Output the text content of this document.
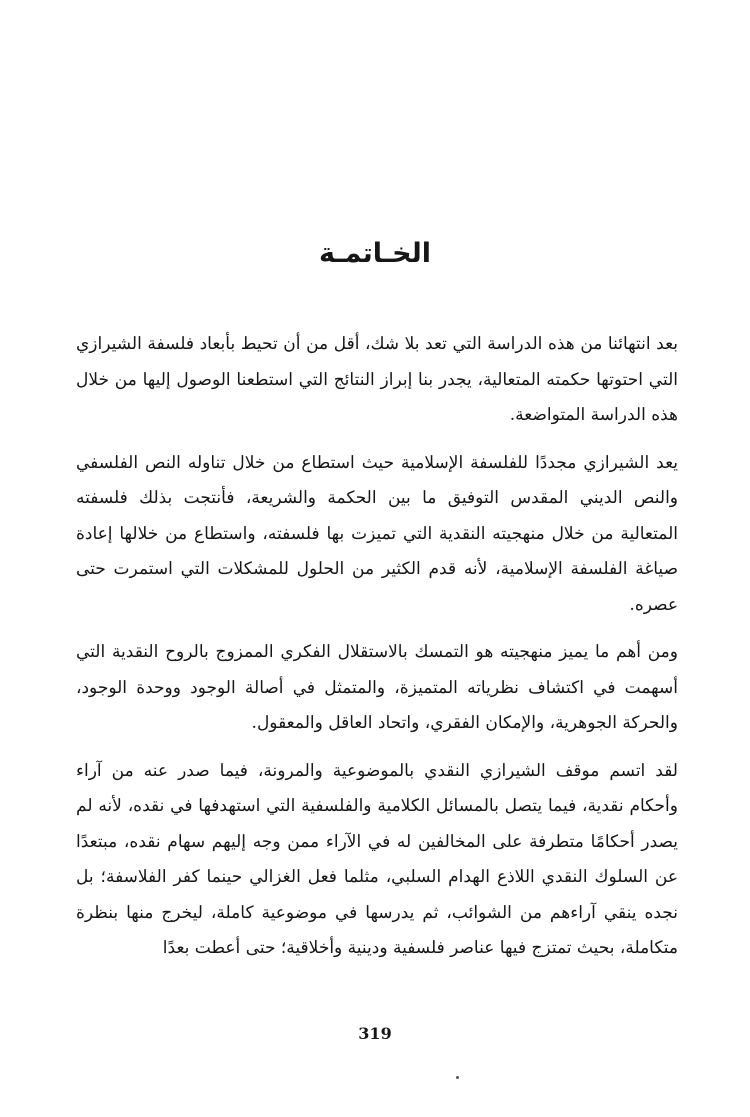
الخـاتمـة

بعد انتهائنا من هذه الدراسة التي تعد بلا شك، أقل من أن تحيط بأبعاد فلسفة الشيرازي التي احتوتها حكمته المتعالية، يجدر بنا إبراز النتائج التي استطعنا الوصول إليها من خلال هذه الدراسة المتواضعة.

يعد الشيرازي مجددًا للفلسفة الإسلامية حيث استطاع من خلال تناوله النص الفلسفي والنص الديني المقدس التوفيق ما بين الحكمة والشريعة، فأنتجت بذلك فلسفته المتعالية من خلال منهجيته النقدية التي تميزت بها فلسفته، واستطاع من خلالها إعادة صياغة الفلسفة الإسلامية، لأنه قدم الكثير من الحلول للمشكلات التي استمرت حتى عصره.

ومن أهم ما يميز منهجيته هو التمسك بالاستقلال الفكري الممزوج بالروح النقدية التي أسهمت في اكتشاف نظرياته المتميزة، والمتمثل في أصالة الوجود ووحدة الوجود، والحركة الجوهرية، والإمكان الفقري، واتحاد العاقل والمعقول.

لقد اتسم موقف الشيرازي النقدي بالموضوعية والمرونة، فيما صدر عنه من آراء وأحكام نقدية، فيما يتصل بالمسائل الكلامية والفلسفية التي استهدفها في نقده، لأنه لم يصدر أحكامًا متطرفة على المخالفين له في الآراء ممن وجه إليهم سهام نقده، مبتعدًا عن السلوك النقدي اللاذع الهدام السلبي، مثلما فعل الغزالي حينما كفر الفلاسفة؛ بل نجده ينقي آراءهم من الشوائب، ثم يدرسها في موضوعية كاملة، ليخرج منها بنظرة متكاملة، بحيث تمتزج فيها عناصر فلسفية ودينية وأخلاقية؛ حتى أعطت بعدًا

319
